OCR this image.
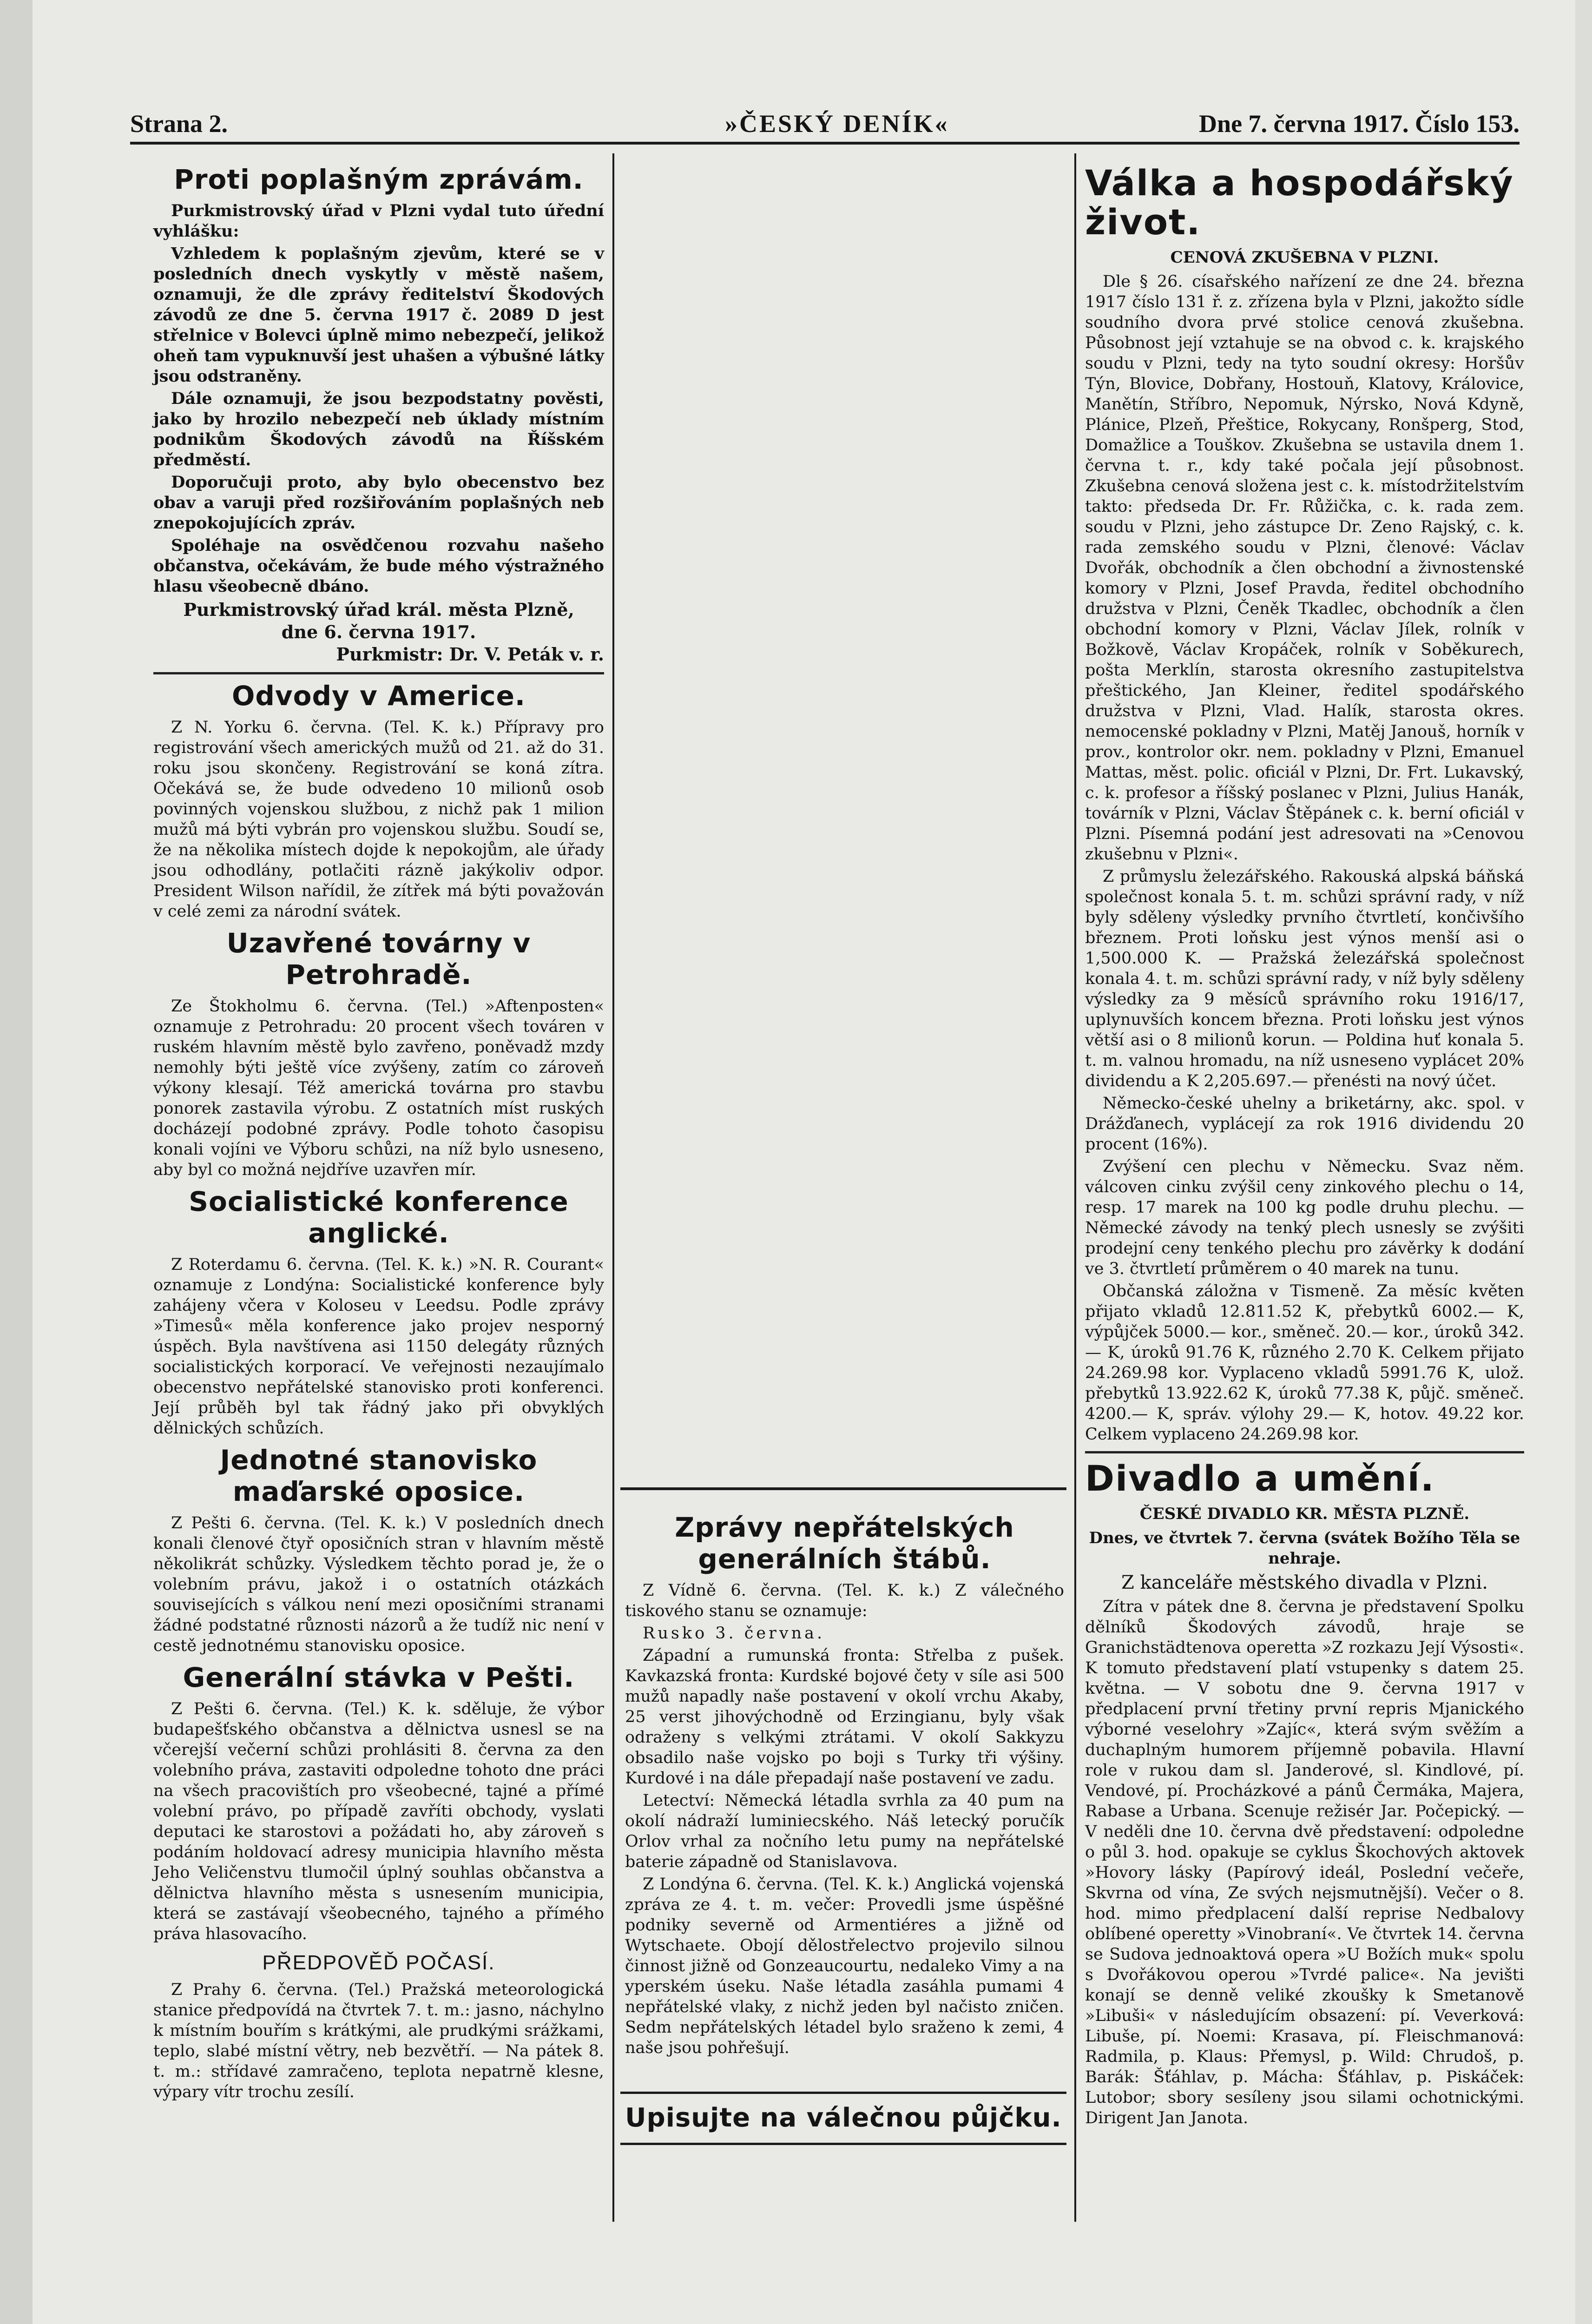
Strana 2.	»ČESKÝ DENÍK«	Dne 7. června 1917. Číslo 153.
Proti poplašným zprávám.

Purkmistrovský úřad v Plzni vydal tuto úřední vyhlášku:

Vzhledem k poplašným zjevům, které se v posledních dnech vyskytly v městě našem, oznamuji, že dle zprávy ředitelství Škodových závodů ze dne 5. června 1917 č. 2089 D jest střelnice v Bolevci úplně mimo nebezpečí, jelikož oheň tam vypuknuvší jest uhašen a výbušné látky jsou odstraněny.

Dále oznamuji, že jsou bezpodstatny pověsti, jako by hrozilo nebezpečí neb úklady místním podnikům Škodových závodů na Říšském předměstí.

Doporučuji proto, aby bylo obecenstvo bez obav a varuji před rozšiřováním poplašných neb znepokojujících zpráv.

Spoléhaje na osvědčenou rozvahu našeho občanstva, očekávám, že bude mého výstražného hlasu všeobecně dbáno.

Purkmistrovský úřad král. města Plzně,
dne 6. června 1917.
Purkmistr: Dr. V. Peták v. r.
Odvody v Americe.

Z N. Yorku 6. června. (Tel. K. k.) Přípravy pro registrování všech amerických mužů od 21. až do 31. roku jsou skončeny. Registrování se koná zítra. Očekává se, že bude odvedeno 10 milionů osob povinných vojenskou službou, z nichž pak 1 milion mužů má býti vybrán pro vojenskou službu. Soudí se, že na několika místech dojde k nepokojům, ale úřady jsou odhodlány, potlačiti rázně jakýkoliv odpor. President Wilson nařídil, že zítřek má býti považován v celé zemi za národní svátek.

Uzavřené továrny v Petrohradě.

Ze Štokholmu 6. června. (Tel.) »Aftenposten« oznamuje z Petrohradu: 20 procent všech továren v ruském hlavním městě bylo zavřeno, poněvadž mzdy nemohly býti ještě více zvýšeny, zatím co zároveň výkony klesají. Též americká továrna pro stavbu ponorek zastavila výrobu. Z ostatních míst ruských docházejí podobné zprávy. Podle tohoto časopisu konali vojíni ve Výboru schůzi, na níž bylo usneseno, aby byl co možná nejdříve uzavřen mír.

Socialistické konference anglické.

Z Roterdamu 6. června. (Tel. K. k.) »N. R. Courant« oznamuje z Londýna: Socialistické konference byly zahájeny včera v Koloseu v Leedsu. Podle zprávy »Timesů« měla konference jako projev nesporný úspěch. Byla navštívena asi 1150 delegáty různých socialistických korporací. Ve veřejnosti nezaujímalo obecenstvo nepřátelské stanovisko proti konferenci. Její průběh byl tak řádný jako při obvyklých dělnických schůzích.

Jednotné stanovisko maďarské oposice.

Z Pešti 6. června. (Tel. K. k.) V posledních dnech konali členové čtyř oposičních stran v hlavním městě několikrát schůzky. Výsledkem těchto porad je, že o volebním právu, jakož i o ostatních otázkách souvisejících s válkou není mezi oposičními stranami žádné podstatné různosti názorů a že tudíž nic není v cestě jednotnému stanovisku oposice.

Generální stávka v Pešti.

Z Pešti 6. června. (Tel.) K. k. sděluje, že výbor budapešťského občanstva a dělnictva usnesl se na včerejší večerní schůzi prohlásiti 8. června za den volebního práva, zastaviti odpoledne tohoto dne práci na všech pracovištích pro všeobecné, tajné a přímé volební právo, po případě zavříti obchody, vyslati deputaci ke starostovi a požádati ho, aby zároveň s podáním holdovací adresy municipia hlavního města Jeho Veličenstvu tlumočil úplný souhlas občanstva a dělnictva hlavního města s usnesením municipia, která se zastávají všeobecného, tajného a přímého práva hlasovacího.

PŘEDPOVĚĎ POČASÍ.

Z Prahy 6. června. (Tel.) Pražská meteorologická stanice předpovídá na čtvrtek 7. t. m.: jasno, náchylno k místním bouřím s krátkými, ale prudkými srážkami, teplo, slabé místní větry, neb bezvětří. — Na pátek 8. t. m.: střídavé zamračeno, teplota nepatrně klesne, výpary vítr trochu zesílí.

Zprávy nepřátelských generálních štábů.

Z Vídně 6. června. (Tel. K. k.) Z válečného tiskového stanu se oznamuje:

Rusko 3. června.

Západní a rumunská fronta: Střelba z pušek. Kavkazská fronta: Kurdské bojové čety v síle asi 500 mužů napadly naše postavení v okolí vrchu Akaby, 25 verst jihovýchodně od Erzingianu, byly však odraženy s velkými ztrátami. V okolí Sakkyzu obsadilo naše vojsko po boji s Turky tři výšiny. Kurdové i na dále přepadají naše postavení ve zadu.

Letectví: Německá létadla svrhla za 40 pum na okolí nádraží luminiecského. Náš letecký poručík Orlov vrhal za nočního letu pumy na nepřátelské baterie západně od Stanislavova.

Z Londýna 6. června. (Tel. K. k.) Anglická vojenská zpráva ze 4. t. m. večer: Provedli jsme úspěšné podniky severně od Armentiéres a jižně od Wytschaete. Obojí dělostřelectvo projevilo silnou činnost jižně od Gonzeaucourtu, nedaleko Vimy a na yperském úseku. Naše létadla zasáhla pumami 4 nepřátelské vlaky, z nichž jeden byl načisto zničen. Sedm nepřátelských létadel bylo sraženo k zemi, 4 naše jsou pohřešují.

Upisujte na válečnou půjčku.
Válka a hospodářský život.
CENOVÁ ZKUŠEBNA V PLZNI.

Dle § 26. císařského nařízení ze dne 24. března 1917 číslo 131 ř. z. zřízena byla v Plzni, jakožto sídle soudního dvora prvé stolice cenová zkušebna. Působnost její vztahuje se na obvod c. k. krajského soudu v Plzni, tedy na tyto soudní okresy: Horšův Týn, Blovice, Dobřany, Hostouň, Klatovy, Královice, Manětín, Stříbro, Nepomuk, Nýrsko, Nová Kdyně, Plánice, Plzeň, Přeštice, Rokycany, Ronšperg, Stod, Domažlice a Touškov. Zkušebna se ustavila dnem 1. června t. r., kdy také počala její působnost. Zkušebna cenová složena jest c. k. místodržitelstvím takto: předseda Dr. Fr. Růžička, c. k. rada zem. soudu v Plzni, jeho zástupce Dr. Zeno Rajský, c. k. rada zemského soudu v Plzni, členové: Václav Dvořák, obchodník a člen obchodní a živnostenské komory v Plzni, Josef Pravda, ředitel obchodního družstva v Plzni, Čeněk Tkadlec, obchodník a člen obchodní komory v Plzni, Václav Jílek, rolník v Božkově, Václav Kropáček, rolník v Soběkurech, pošta Merklín, starosta okresního zastupitelstva přeštického, Jan Kleiner, ředitel spodářského družstva v Plzni, Vlad. Halík, starosta okres. nemocenské pokladny v Plzni, Matěj Janouš, horník v prov., kontrolor okr. nem. pokladny v Plzni, Emanuel Mattas, měst. polic. oficiál v Plzni, Dr. Frt. Lukavský, c. k. profesor a říšský poslanec v Plzni, Julius Hanák, továrník v Plzni, Václav Štěpánek c. k. berní oficiál v Plzni. Písemná podání jest adresovati na »Cenovou zkušebnu v Plzni«.

Z průmyslu železářského. Rakouská alpská báňská společnost konala 5. t. m. schůzi správní rady, v níž byly sděleny výsledky prvního čtvrtletí, končivšího březnem. Proti loňsku jest výnos menší asi o 1,500.000 K. — Pražská železářská společnost konala 4. t. m. schůzi správní rady, v níž byly sděleny výsledky za 9 měsíců správního roku 1916/17, uplynuvších koncem března. Proti loňsku jest výnos větší asi o 8 milionů korun. — Poldina huť konala 5. t. m. valnou hromadu, na níž usneseno vyplácet 20% dividendu a K 2,205.697.— přenésti na nový účet.

Německo-české uhelny a briketárny, akc. spol. v Drážďanech, vyplácejí za rok 1916 dividendu 20 procent (16%).

Zvýšení cen plechu v Německu. Svaz něm. válcoven cinku zvýšil ceny zinkového plechu o 14, resp. 17 marek na 100 kg podle druhu plechu. — Německé závody na tenký plech usnesly se zvýšiti prodejní ceny tenkého plechu pro závěrky k dodání ve 3. čtvrtletí průměrem o 40 marek na tunu.

Občanská záložna v Tismeně. Za měsíc květen přijato vkladů 12.811.52 K, přebytků 6002.— K, výpůjček 5000.— kor., směneč. 20.— kor., úroků 342.— K, úroků 91.76 K, různého 2.70 K. Celkem přijato 24.269.98 kor. Vyplaceno vkladů 5991.76 K, ulož. přebytků 13.922.62 K, úroků 77.38 K, půjč. směneč. 4200.— K, správ. výlohy 29.— K, hotov. 49.22 kor. Celkem vyplaceno 24.269.98 kor.

Divadlo a umění.
ČESKÉ DIVADLO KR. MĚSTA PLZNĚ.
Dnes, ve čtvrtek 7. června (svátek Božího Těla se nehraje.
Z kanceláře městského divadla v Plzni.

Zítra v pátek dne 8. června je představení Spolku dělníků Škodových závodů, hraje se Granichstädtenova operetta »Z rozkazu Její Výsosti«. K tomuto představení platí vstupenky s datem 25. května. — V sobotu dne 9. června 1917 v předplacení první třetiny první repris Mjanického výborné veselohry »Zajíc«, která svým svěžím a duchaplným humorem příjemně pobavila. Hlavní role v rukou dam sl. Janderové, sl. Kindlové, pí. Vendové, pí. Procházkové a pánů Čermáka, Majera, Rabase a Urbana. Scenuje režisér Jar. Počepický. — V neděli dne 10. června dvě představení: odpoledne o půl 3. hod. opakuje se cyklus Škochových aktovek »Hovory lásky (Papírový ideál, Poslední večeře, Skvrna od vína, Ze svých nejsmutnější). Večer o 8. hod. mimo předplacení další reprise Nedbalovy oblíbené operetty »Vinobraní«. Ve čtvrtek 14. června se Sudova jednoaktová opera »U Božích muk« spolu s Dvořákovou operou »Tvrdé palice«. Na jevišti konají se denně veliké zkoušky k Smetanově »Libuši« v následujícím obsazení: pí. Veverková: Libuše, pí. Noemi: Krasava, pí. Fleischmanová: Radmila, p. Klaus: Přemysl, p. Wild: Chrudoš, p. Barák: Šťáhlav, p. Mácha: Šťáhlav, p. Piskáček: Lutobor; sbory sesíleny jsou silami ochotnickými. Dirigent Jan Janota.
